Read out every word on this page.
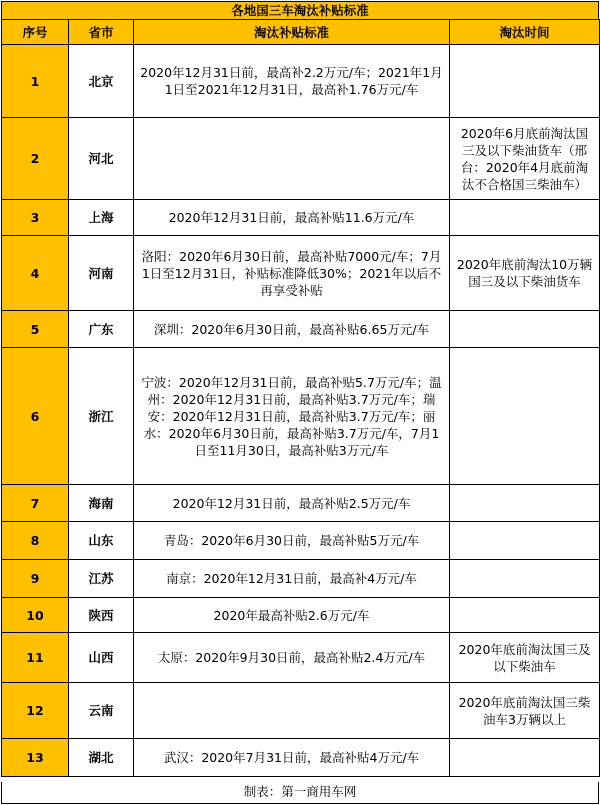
各地国三车淘汰补贴标准
序号	省市	淘汰补贴标准	淘汰时间
1	北京	2020年12月31日前，最高补2.2万元/车；2021年1月1日至2021年12月31日，最高补1.76万元/车	
2	河北		2020年6月底前淘汰国三及以下柴油货车（邢台：2020年4月底前淘汰不合格国三柴油车）
3	上海	2020年12月31日前，最高补贴11.6万元/车	
4	河南	洛阳：2020年6月30日前，最高补贴7000元/车；7月1日至12月31日，补贴标准降低30%；2021年以后不再享受补贴	2020年底前淘汰10万辆国三及以下柴油货车
5	广东	深圳：2020年6月30日前，最高补贴6.65万元/车	
6	浙江	宁波：2020年12月31日前，最高补贴5.7万元/车；温州：2020年12月31日前，最高补贴3.7万元/车；瑞安：2020年12月31日前，最高补贴3.7万元/车；丽水：2020年6月30日前，最高补贴3.7万元/车，7月1日至11月30日，最高补贴3万元/车	
7	海南	2020年12月31日前，最高补贴2.5万元/车	
8	山东	青岛：2020年6月30日前，最高补贴5万元/车	
9	江苏	南京：2020年12月31日前，最高补4万元/车	
10	陕西	2020年最高补贴2.6万元/车	
11	山西	太原：2020年9月30日前，最高补贴2.4万元/车	2020年底前淘汰国三及以下柴油车
12	云南		2020年底前淘汰国三柴油车3万辆以上
13	湖北	武汉：2020年7月31日前，最高补贴4万元/车	
制表：第一商用车网
